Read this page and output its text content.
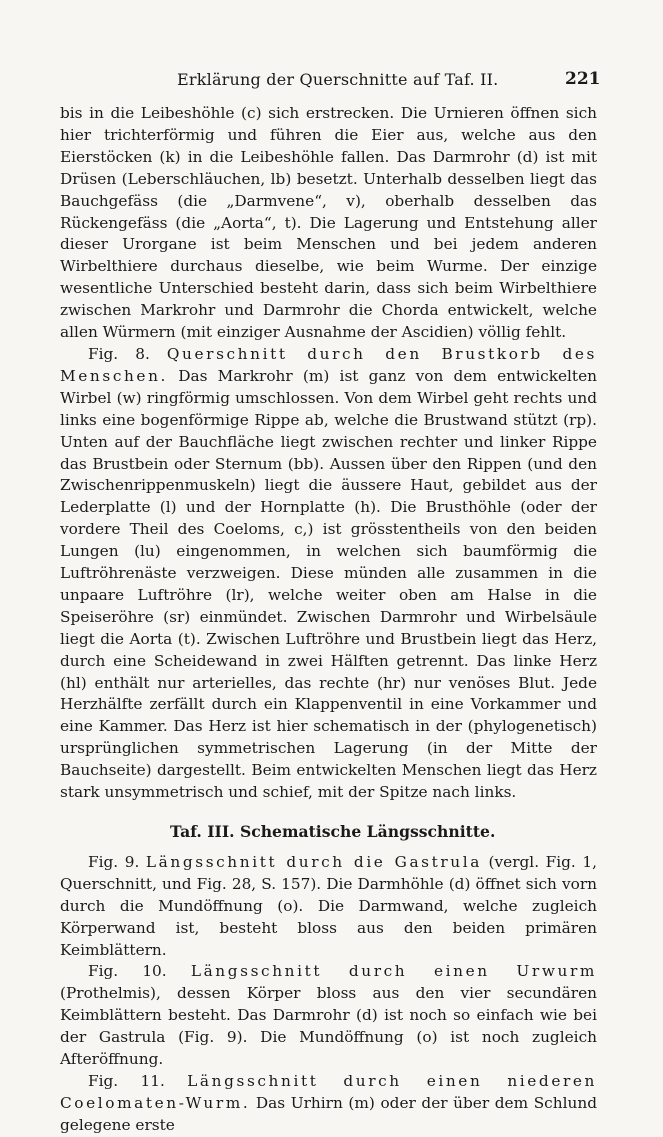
Erklärung der Querschnitte auf Taf. II.	221

bis in die Leibeshöhle (c) sich erstrecken. Die Urnieren öffnen sich hier trichterförmig und führen die Eier aus, welche aus den Eierstöcken (k) in die Leibeshöhle fallen. Das Darmrohr (d) ist mit Drüsen (Leberschläuchen, lb) besetzt. Unterhalb desselben liegt das Bauchgefäss (die „Darmvene“, v), oberhalb desselben das Rückengefäss (die „Aorta“, t). Die Lagerung und Entstehung aller dieser Urorgane ist beim Menschen und bei jedem anderen Wirbelthiere durchaus dieselbe, wie beim Wurme. Der einzige wesentliche Unterschied besteht darin, dass sich beim Wirbelthiere zwischen Markrohr und Darmrohr die Chorda entwickelt, welche allen Würmern (mit einziger Ausnahme der Ascidien) völlig fehlt.

Fig. 8. Querschnitt durch den Brustkorb des Menschen. Das Markrohr (m) ist ganz von dem entwickelten Wirbel (w) ringförmig umschlossen. Von dem Wirbel geht rechts und links eine bogenförmige Rippe ab, welche die Brustwand stützt (rp). Unten auf der Bauchfläche liegt zwischen rechter und linker Rippe das Brustbein oder Sternum (bb). Aussen über den Rippen (und den Zwischenrippenmuskeln) liegt die äussere Haut, gebildet aus der Lederplatte (l) und der Hornplatte (h). Die Brusthöhle (oder der vordere Theil des Coeloms, c,) ist grösstentheils von den beiden Lungen (lu) eingenommen, in welchen sich baumförmig die Luftröhrenäste verzweigen. Diese münden alle zusammen in die unpaare Luftröhre (lr), welche weiter oben am Halse in die Speiseröhre (sr) einmündet. Zwischen Darmrohr und Wirbelsäule liegt die Aorta (t). Zwischen Luftröhre und Brustbein liegt das Herz, durch eine Scheidewand in zwei Hälften getrennt. Das linke Herz (hl) enthält nur arterielles, das rechte (hr) nur venöses Blut. Jede Herzhälfte zerfällt durch ein Klappenventil in eine Vorkammer und eine Kammer. Das Herz ist hier schematisch in der (phylogenetisch) ursprünglichen symmetrischen Lagerung (in der Mitte der Bauchseite) dargestellt. Beim entwickelten Menschen liegt das Herz stark unsymmetrisch und schief, mit der Spitze nach links.

Taf. III. Schematische Längsschnitte.

Fig. 9. Längsschnitt durch die Gastrula (vergl. Fig. 1, Querschnitt, und Fig. 28, S. 157). Die Darmhöhle (d) öffnet sich vorn durch die Mundöffnung (o). Die Darmwand, welche zugleich Körperwand ist, besteht bloss aus den beiden primären Keimblättern.

Fig. 10. Längsschnitt durch einen Urwurm (Prothelmis), dessen Körper bloss aus den vier secundären Keimblättern besteht. Das Darmrohr (d) ist noch so einfach wie bei der Gastrula (Fig. 9). Die Mundöffnung (o) ist noch zugleich Afteröffnung.

Fig. 11. Längsschnitt durch einen niederen Coelomaten-Wurm. Das Urhirn (m) oder der über dem Schlund gelegene erste
